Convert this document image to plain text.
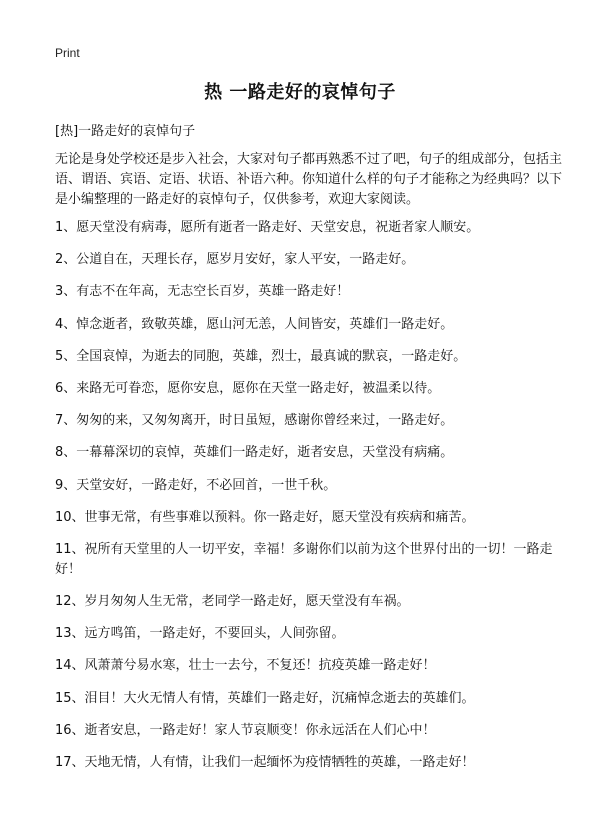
Print
热 一路走好的哀悼句子
[热]一路走好的哀悼句子
无论是身处学校还是步入社会，大家对句子都再熟悉不过了吧，句子的组成部分，包括主语、谓语、宾语、定语、状语、补语六种。你知道什么样的句子才能称之为经典吗？以下是小编整理的一路走好的哀悼句子，仅供参考，欢迎大家阅读。
1、愿天堂没有病毒，愿所有逝者一路走好、天堂安息，祝逝者家人顺安。
2、公道自在，天理长存，愿岁月安好，家人平安，一路走好。
3、有志不在年高，无志空长百岁，英雄一路走好！
4、悼念逝者，致敬英雄，愿山河无恙，人间皆安，英雄们一路走好。
5、全国哀悼，为逝去的同胞，英雄，烈士，最真诚的默哀，一路走好。
6、来路无可眷恋，愿你安息，愿你在天堂一路走好，被温柔以待。
7、匆匆的来，又匆匆离开，时日虽短，感谢你曾经来过，一路走好。
8、一幕幕深切的哀悼，英雄们一路走好，逝者安息，天堂没有病痛。
9、天堂安好，一路走好，不必回首，一世千秋。
10、世事无常，有些事难以预料。你一路走好，愿天堂没有疾病和痛苦。
11、祝所有天堂里的人一切平安，幸福！多谢你们以前为这个世界付出的一切！一路走好！
12、岁月匆匆人生无常，老同学一路走好，愿天堂没有车祸。
13、远方鸣笛，一路走好，不要回头，人间弥留。
14、风萧萧兮易水寒，壮士一去兮，不复还！抗疫英雄一路走好！
15、泪目！大火无情人有情，英雄们一路走好，沉痛悼念逝去的英雄们。
16、逝者安息，一路走好！家人节哀顺变！你永远活在人们心中！
17、天地无情，人有情，让我们一起缅怀为疫情牺牲的英雄，一路走好！
